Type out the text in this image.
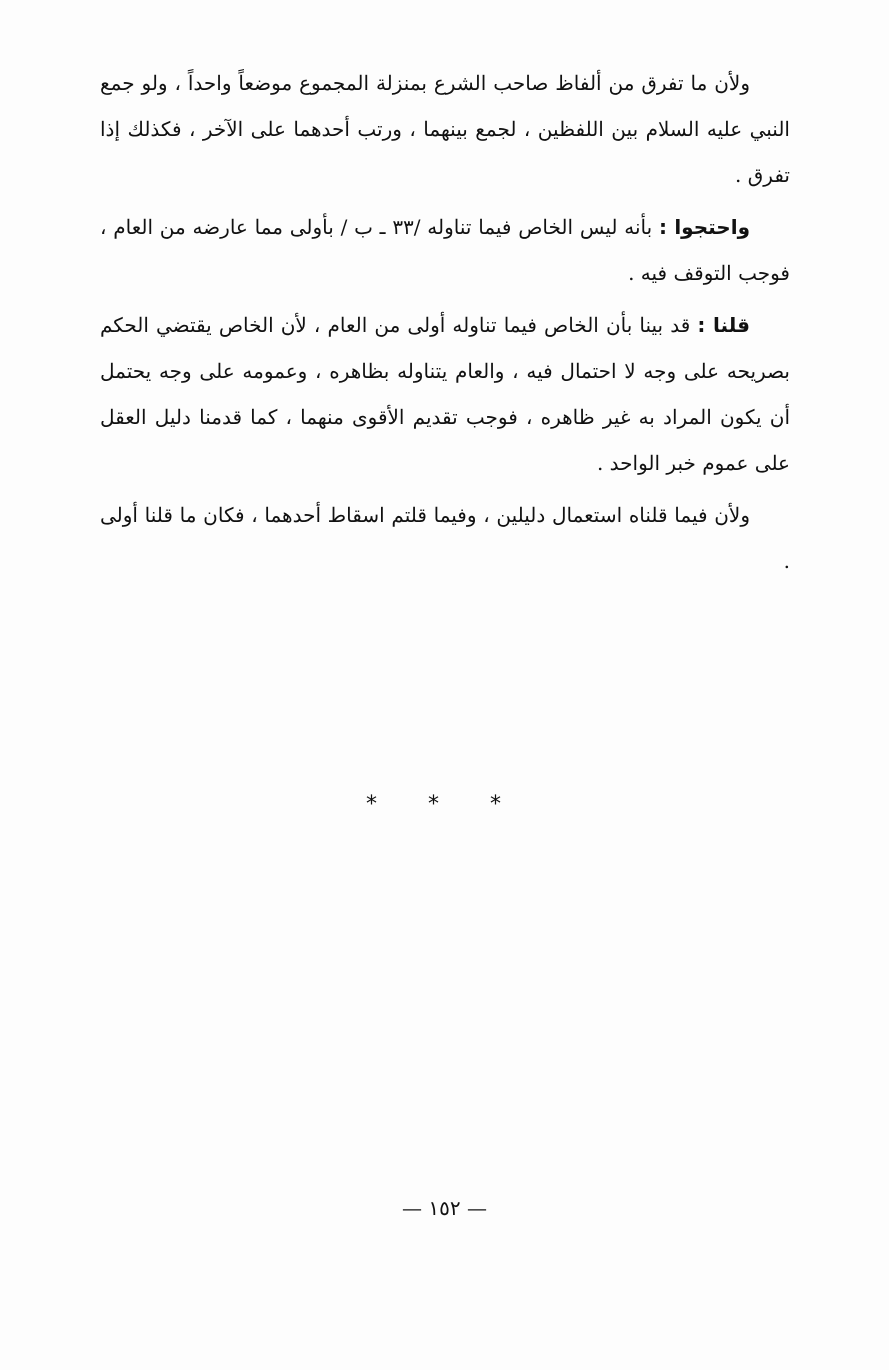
ولأن ما تفرق من ألفاظ صاحب الشرع بمنزلة المجموع موضعاً واحداً ، ولو جمع النبي عليه السلام بين اللفظين ، لجمع بينهما ، ورتب أحدهما على الآخر ، فكذلك إذا تفرق .

واحتجوا : بأنه ليس الخاص فيما تناوله /٣٣ ـ ب / بأولى مما عارضه من العام ، فوجب التوقف فيه .

قلنا : قد بينا بأن الخاص فيما تناوله أولى من العام ، لأن الخاص يقتضي الحكم بصريحه على وجه لا احتمال فيه ، والعام يتناوله بظاهره ، وعمومه على وجه يحتمل أن يكون المراد به غير ظاهره ، فوجب تقديم الأقوى منهما ، كما قدمنا دليل العقل على عموم خبر الواحد .

ولأن فيما قلناه استعمال دليلين ، وفيما قلتم اسقاط أحدهما ، فكان ما قلنا أولى .

* * *
— ١٥٢ —
